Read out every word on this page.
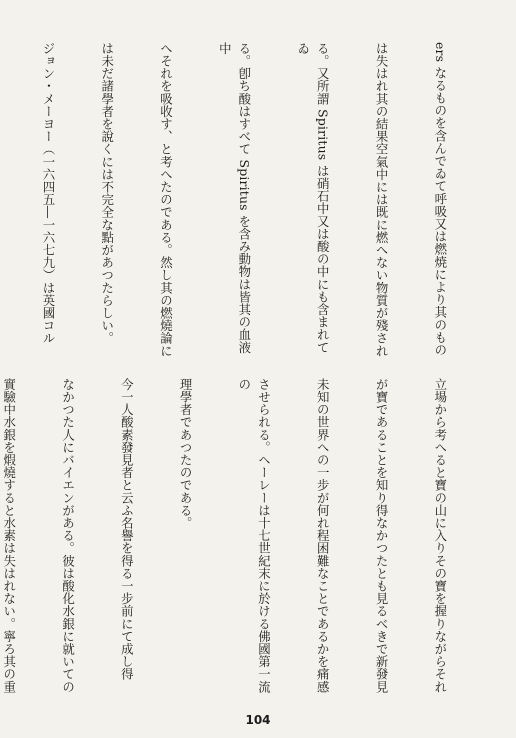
ers なるものを含んでゐて呼吸又は燃焼により其のもの

は失はれ其の結果空氣中には既に燃へない物質が殘され

る。又所謂 Spiritus は硝石中又は酸の中にも含まれてゐ

る。卽ち酸はすべて Spiritus を含み動物は皆其の血液中

へそれを吸收す、と考へたのである。然し其の燃燒論に

は未だ諸學者を說くには不完全な點があつたらしい。

ジョン・メーヨー（一六四五―一六七九）は英國コル

立場から考へると寶の山に入りその寶を握りながらそれ

が寶であることを知り得なかつたとも見るべきで新發見

未知の世界への一步が何れ程困難なことであるかを痛感

させられる。ヘーレーは十七世紀末に於ける佛國第一流の

理學者であつたのである。

今一人酸素發見者と云ふ名譽を得る一步前にて成し得

なかつた人にバイエンがある。彼は酸化水銀に就いての

實驗中水銀を煆燒すると水素は失はれない。寧ろ其の重

104
